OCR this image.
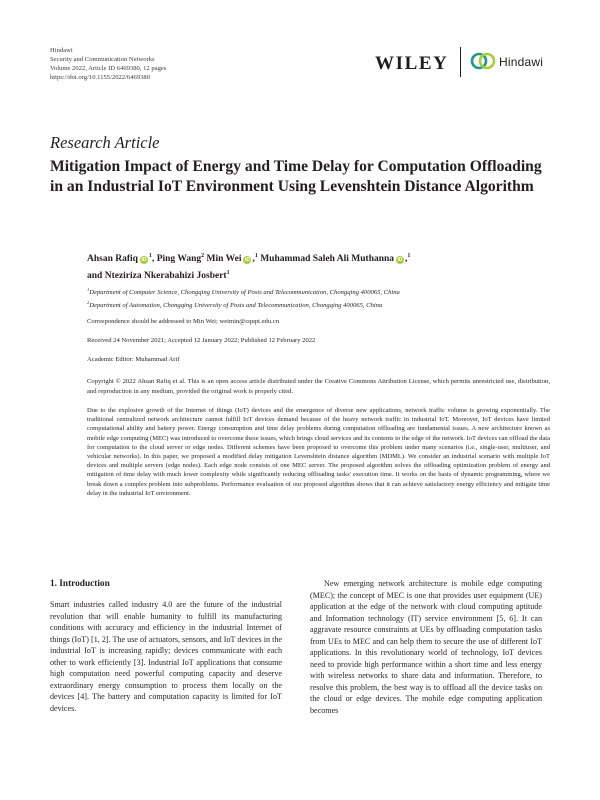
Hindawi
Security and Communication Networks
Volume 2022, Article ID 6469380, 12 pages
https://doi.org/10.1155/2022/6469380
WILEY	Hindawi
Research Article
Mitigation Impact of Energy and Time Delay for Computation Offloading in an Industrial IoT Environment Using Levenshtein Distance Algorithm
Ahsan Rafiq $iD^1$, Ping Wang$^2$ Min Wei iD ,$^1$ Muhammad Saleh Ali Muthanna iD ,$^1$
and Nteziriza Nkerabahizi Josbert$^1$
$^1$Department of Computer Science, Chongqing University of Posts and Telecommunication, Chongqing 400065, China
$^2$Department of Automation, Chongqing University of Posts and Telecommunication, Chongqing 400065, China
Correspondence should be addressed to Min Wei; weimin@cqupt.edu.cn
Received 24 November 2021; Accepted 12 January 2022; Published 12 February 2022
Academic Editor: Muhammad Arif
Copyright © 2022 Ahsan Rafiq et al. This is an open access article distributed under the Creative Commons Attribution License, which permits unrestricted use, distribution, and reproduction in any medium, provided the original work is properly cited.
Due to the explosive growth of the Internet of things (IoT) devices and the emergence of diverse new applications, network traffic volume is growing exponentially. The traditional centralized network architecture cannot fulfill IoT devices demand because of the heavy network traffic in industrial IoT. Moreover, IoT devices have limited computational ability and battery power. Energy consumption and time delay problems during computation offloading are fundamental issues. A new architecture known as mobile edge computing (MEC) was introduced to overcome these issues, which brings cloud services and its contents to the edge of the network. IoT devices can offload the data for computation to the cloud server or edge nodes. Different schemes have been proposed to overcome this problem under many scenarios (i.e., single-user, multiuser, and vehicular networks). In this paper, we proposed a modified delay mitigation Levenshtein distance algorithm (MDML). We consider an industrial scenario with multiple IoT devices and multiple servers (edge nodes). Each edge node consists of one MEC server. The proposed algorithm solves the offloading optimization problem of energy and mitigation of time delay with much lower complexity while significantly reducing offloading tasks' execution time. It works on the basis of dynamic programming, where we break down a complex problem into subproblems. Performance evaluation of our proposed algorithm shows that it can achieve satisfactory energy efficiency and mitigate time delay in the industrial IoT environment.
1. Introduction

Smart industries called industry 4.0 are the future of the industrial revolution that will enable humanity to fulfill its manufacturing conditions with accuracy and efficiency in the industrial Internet of things (IoT) [1, 2]. The use of actuators, sensors, and IoT devices in the industrial IoT is increasing rapidly; devices communicate with each other to work efficiently [3]. Industrial IoT applications that consume high computation need powerful computing capacity and deserve extraordinary energy consumption to process them locally on the devices [4]. The battery and computation capacity is limited for IoT devices.

New emerging network architecture is mobile edge computing (MEC); the concept of MEC is one that provides user equipment (UE) application at the edge of the network with cloud computing aptitude and Information technology (IT) service environment [5, 6]. It can aggravate resource constraints at UEs by offloading computation tasks from UEs to MEC and can help them to secure the use of different IoT applications. In this revolutionary world of technology, IoT devices need to provide high performance within a short time and less energy with wireless networks to share data and information. Therefore, to resolve this problem, the best way is to offload all the device tasks on the cloud or edge devices. The mobile edge computing application becomes
